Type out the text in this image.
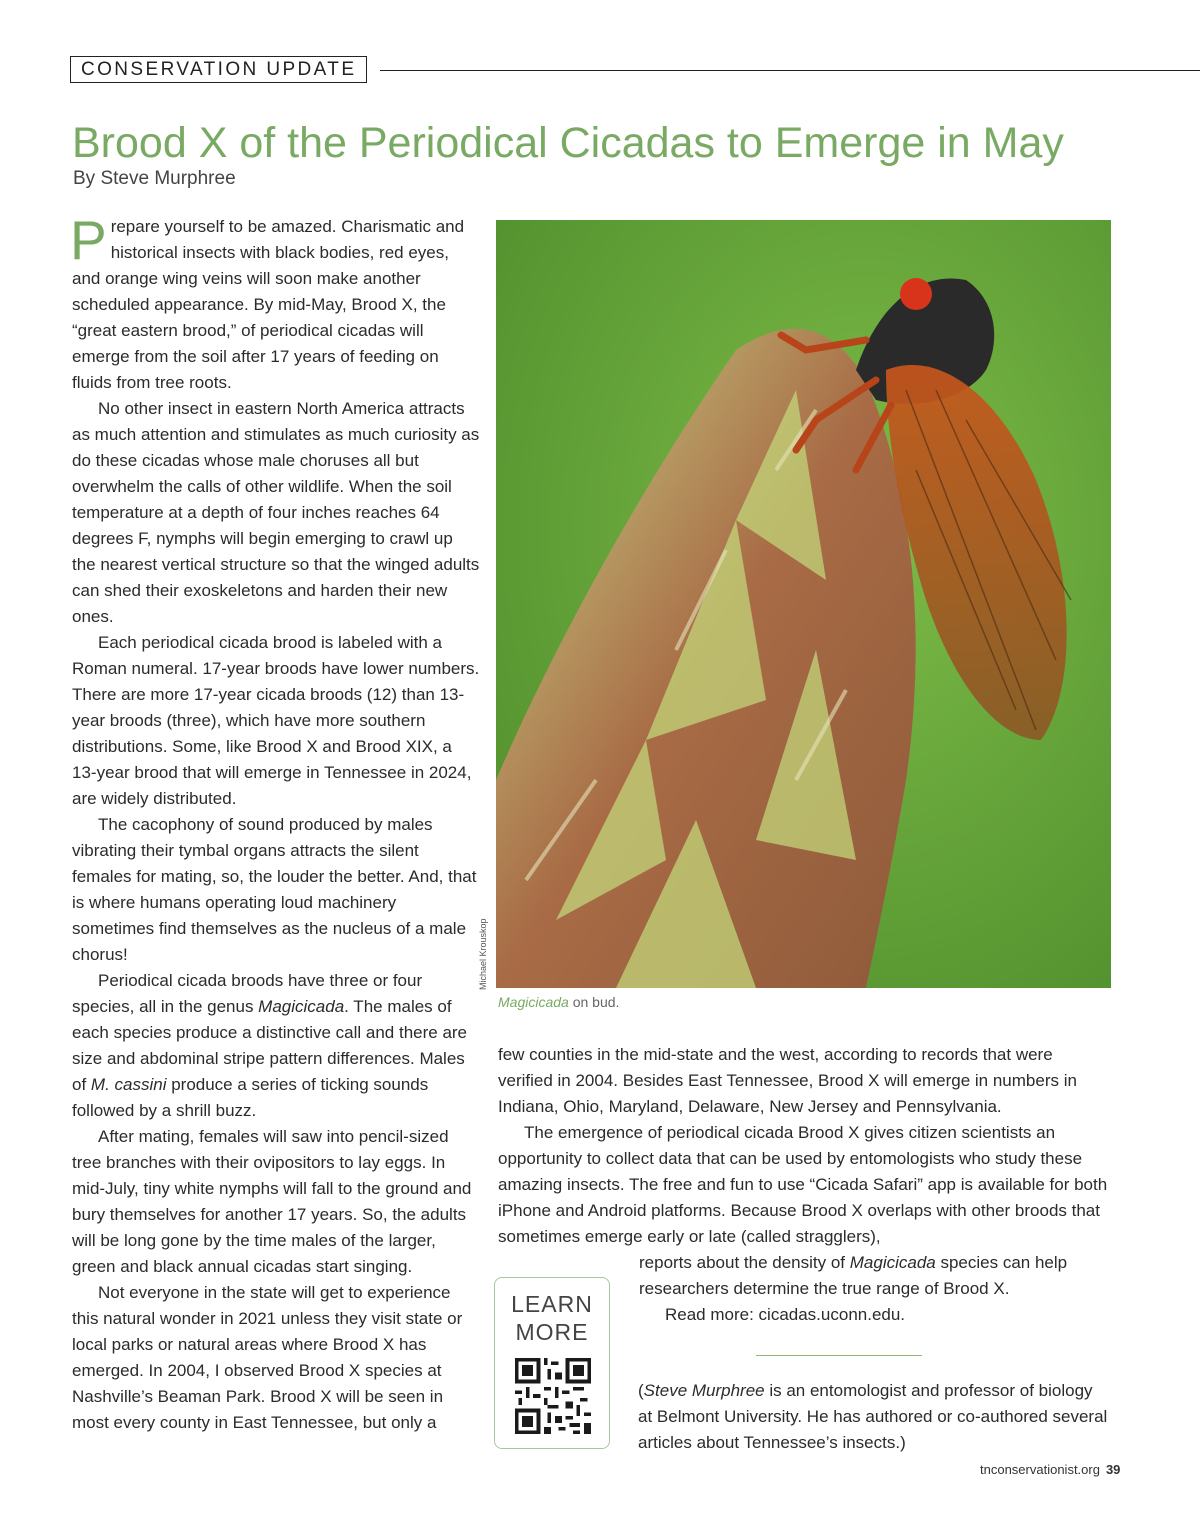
CONSERVATION UPDATE
Brood X of the Periodical Cicadas to Emerge in May
By Steve Murphree

Prepare yourself to be amazed. Charismatic and historical insects with black bodies, red eyes, and orange wing veins will soon make another scheduled appearance. By mid-May, Brood X, the “great eastern brood,” of periodical cicadas will emerge from the soil after 17 years of feeding on fluids from tree roots.

No other insect in eastern North America attracts as much attention and stimulates as much curiosity as do these cicadas whose male choruses all but overwhelm the calls of other wildlife. When the soil temperature at a depth of four inches reaches 64 degrees F, nymphs will begin emerging to crawl up the nearest vertical structure so that the winged adults can shed their exoskeletons and harden their new ones.

Each periodical cicada brood is labeled with a Roman numeral. 17-year broods have lower numbers. There are more 17-year cicada broods (12) than 13-year broods (three), which have more southern distributions. Some, like Brood X and Brood XIX, a 13-year brood that will emerge in Tennessee in 2024, are widely distributed.

The cacophony of sound produced by males vibrating their tymbal organs attracts the silent females for mating, so, the louder the better. And, that is where humans operating loud machinery sometimes find themselves as the nucleus of a male chorus!

Periodical cicada broods have three or four species, all in the genus Magicicada. The males of each species produce a distinctive call and there are size and abdominal stripe pattern differences. Males of M. cassini produce a series of ticking sounds followed by a shrill buzz.

After mating, females will saw into pencil-sized tree branches with their ovipositors to lay eggs. In mid-July, tiny white nymphs will fall to the ground and bury themselves for another 17 years. So, the adults will be long gone by the time males of the larger, green and black annual cicadas start singing.

Not everyone in the state will get to experience this natural wonder in 2021 unless they visit state or local parks or natural areas where Brood X has emerged. In 2004, I observed Brood X species at Nashville’s Beaman Park. Brood X will be seen in most every county in East Tennessee, but only a

Michael Krouskop
Magicicada on bud.

few counties in the mid-state and the west, according to records that were verified in 2004. Besides East Tennessee, Brood X will emerge in numbers in Indiana, Ohio, Maryland, Delaware, New Jersey and Pennsylvania.

The emergence of periodical cicada Brood X gives citizen scientists an opportunity to collect data that can be used by entomologists who study these amazing insects. The free and fun to use “Cicada Safari” app is available for both iPhone and Android platforms. Because Brood X overlaps with other broods that sometimes emerge early or late (called stragglers),

LEARN
MORE

reports about the density of Magicicada species can help researchers determine the true range of Brood X.

Read more: cicadas.uconn.edu.

(Steve Murphree is an entomologist and professor of biology at Belmont University. He has authored or co-authored several articles about Tennessee’s insects.)

tnconservationist.org 39
